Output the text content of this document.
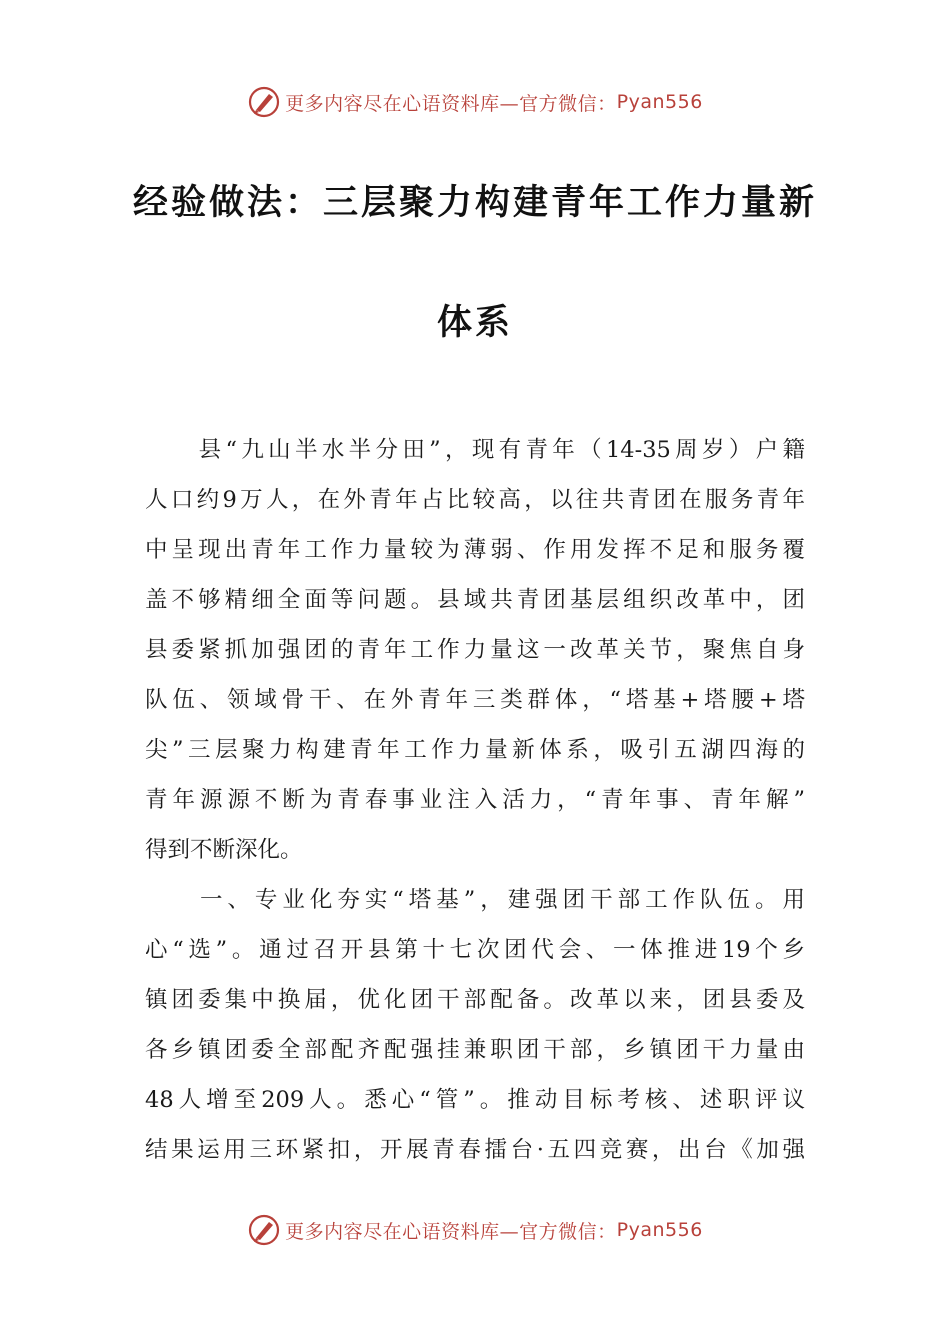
更多内容尽在心语资料库—官方微信： Pyan556
经验做法：三层聚力构建青年工作力量新
体系
　　县“九山半水半分田”，现有青年（14-35周岁）户籍
人口约9万人，在外青年占比较高，以往共青团在服务青年
中呈现出青年工作力量较为薄弱、作用发挥不足和服务覆
盖不够精细全面等问题。县域共青团基层组织改革中，团
县委紧抓加强团的青年工作力量这一改革关节，聚焦自身
队伍、领域骨干、在外青年三类群体，“塔基+塔腰+塔
尖”三层聚力构建青年工作力量新体系，吸引五湖四海的
青年源源不断为青春事业注入活力，“青年事、青年解”
得到不断深化。
　　一、专业化夯实“塔基”，建强团干部工作队伍。用
心“选”。通过召开县第十七次团代会、一体推进19个乡
镇团委集中换届，优化团干部配备。改革以来，团县委及
各乡镇团委全部配齐配强挂兼职团干部，乡镇团干力量由
48人增至209人。悉心“管”。推动目标考核、述职评议
结果运用三环紧扣，开展青春擂台·五四竞赛，出台《加强
更多内容尽在心语资料库—官方微信： Pyan556
